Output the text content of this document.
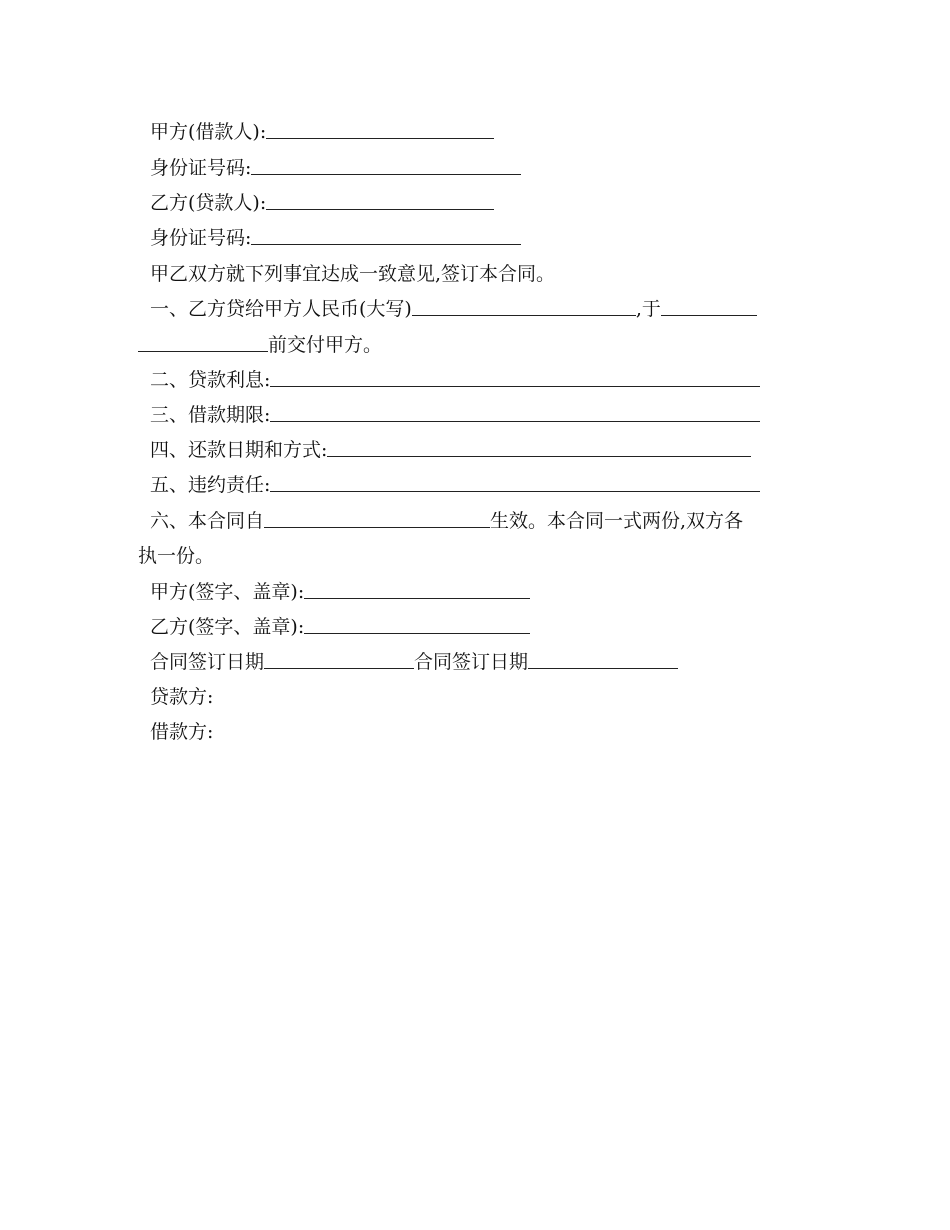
甲方(借款人):
身份证号码:
乙方(贷款人):
身份证号码:
甲乙双方就下列事宜达成一致意见,签订本合同。
一、乙方贷给甲方人民币(大写)	,于
前交付甲方。
二、贷款利息:
三、借款期限:
四、还款日期和方式:
五、违约责任:
六、本合同自	生效。本合同一式两份,双方各
执一份。
甲方(签字、盖章):
乙方(签字、盖章):
合同签订日期	合同签订日期
贷款方:
借款方:
